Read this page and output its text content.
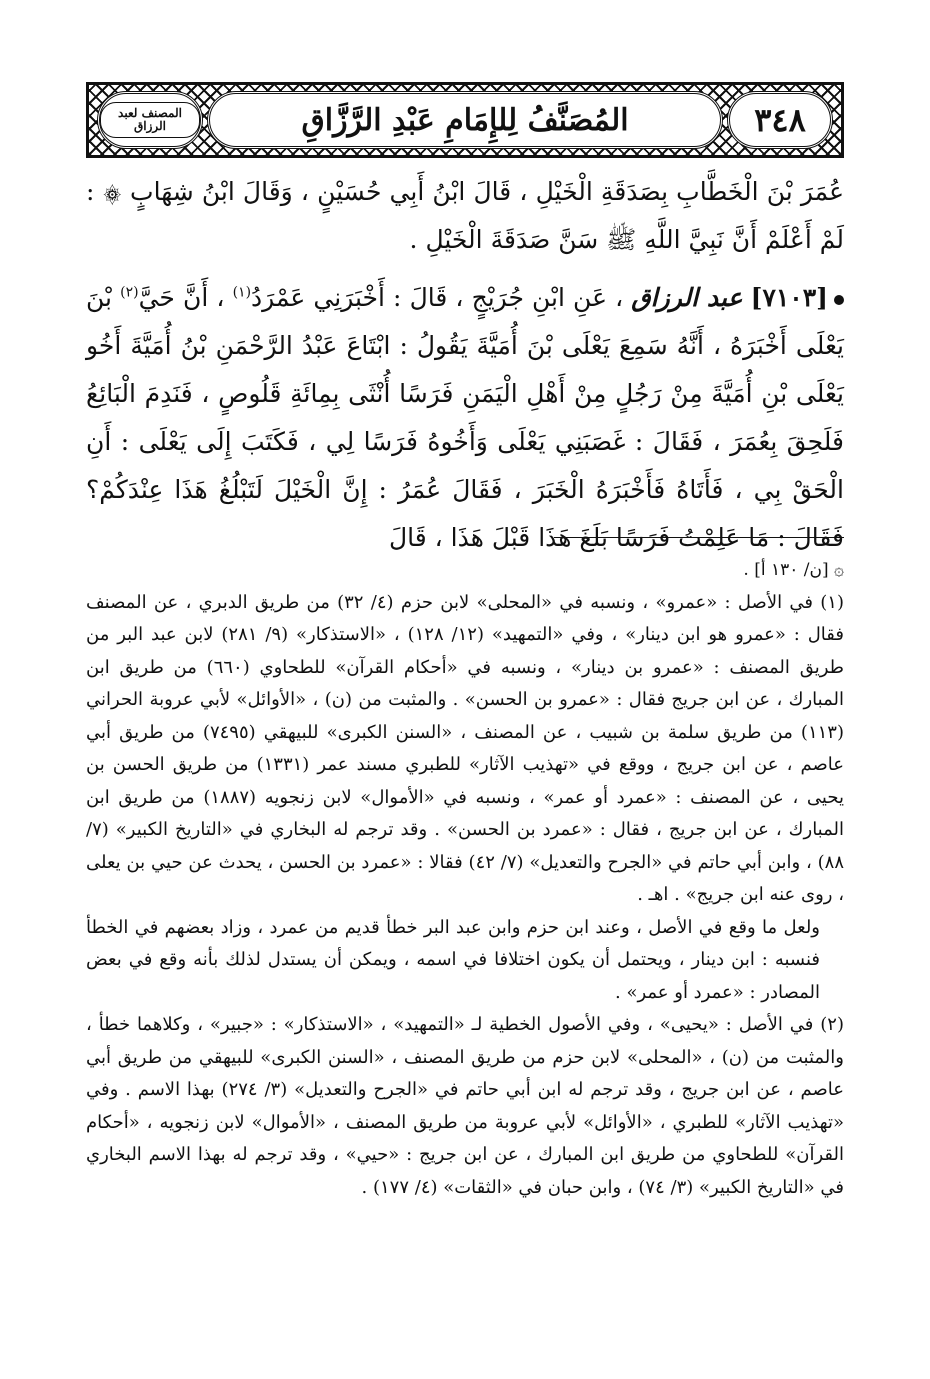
٣٤٨
المُصَنَّفُ لِلإِمَامِ عَبْدِ الرَّزَّاقِ
المصنف لعبد الرزاق

عُمَرَ بْنَ الْخَطَّابِ بِصَدَقَةِ الْخَيْلِ ، قَالَ ابْنُ أَبِي حُسَيْنٍ ، وَقَالَ ابْنُ شِهَابٍ ۞ : لَمْ أَعْلَمْ أَنَّ نَبِيَّ اللَّهِ ﷺ سَنَّ صَدَقَةَ الْخَيْلِ .

[٧١٠٣] عبد الرزاق ، عَنِ ابْنِ جُرَيْجٍ ، قَالَ : أَخْبَرَنِي عَمْرَدُ$^{(١)}$ ، أَنَّ حَيَّ$^{(٢)}$ بْنَ يَعْلَى أَخْبَرَهُ ، أَنَّهُ سَمِعَ يَعْلَى بْنَ أُمَيَّةَ يَقُولُ : ابْتَاعَ عَبْدُ الرَّحْمَنِ بْنُ أُمَيَّةَ أَخُو يَعْلَى بْنِ أُمَيَّةَ مِنْ رَجُلٍ مِنْ أَهْلِ الْيَمَنِ فَرَسًا أُنْثَى بِمِائَةِ قَلُوصٍ ، فَنَدِمَ الْبَائِعُ فَلَحِقَ بِعُمَرَ ، فَقَالَ : غَصَبَنِي يَعْلَى وَأَخُوهُ فَرَسًا لِي ، فَكَتَبَ إِلَى يَعْلَى : أَنِ الْحَقْ بِي ، فَأَتَاهُ فَأَخْبَرَهُ الْخَبَرَ ، فَقَالَ عُمَرُ : إِنَّ الْخَيْلَ لَتَبْلُغُ هَذَا عِنْدَكُمْ؟ فَقَالَ : مَا عَلِمْتُ فَرَسًا بَلَغَ هَذَا قَبْلَ هَذَا ، قَالَ

۞ [ن/ ١٣٠ أ] .

(١) في الأصل : «عمرو» ، ونسبه في «المحلى» لابن حزم (٤/ ٣٢) من طريق الدبري ، عن المصنف فقال : «عمرو هو ابن دينار» ، وفي «التمهيد» (١٢/ ١٢٨) ، «الاستذكار» (٩/ ٢٨١) لابن عبد البر من طريق المصنف : «عمرو بن دينار» ، ونسبه في «أحكام القرآن» للطحاوي (٦٦٠) من طريق ابن المبارك ، عن ابن جريج فقال : «عمرو بن الحسن» . والمثبت من (ن) ، «الأوائل» لأبي عروبة الحراني (١١٣) من طريق سلمة بن شبيب ، عن المصنف ، «السنن الكبرى» للبيهقي (٧٤٩٥) من طريق أبي عاصم ، عن ابن جريج ، ووقع في «تهذيب الآثار» للطبري مسند عمر (١٣٣١) من طريق الحسن بن يحيى ، عن المصنف : «عمرد أو عمر» ، ونسبه في «الأموال» لابن زنجويه (١٨٨٧) من طريق ابن المبارك ، عن ابن جريج ، فقال : «عمرد بن الحسن» . وقد ترجم له البخاري في «التاريخ الكبير» (٧/ ٨٨) ، وابن أبي حاتم في «الجرح والتعديل» (٧/ ٤٢) فقالا : «عمرد بن الحسن ، يحدث عن حيي بن يعلى ، روى عنه ابن جريج» . اهـ .

ولعل ما وقع في الأصل ، وعند ابن حزم وابن عبد البر خطأ قديم من عمرد ، وزاد بعضهم في الخطأ فنسبه : ابن دينار ، ويحتمل أن يكون اختلافا في اسمه ، ويمكن أن يستدل لذلك بأنه وقع في بعض المصادر : «عمرد أو عمر» .

(٢) في الأصل : «يحيى» ، وفي الأصول الخطية لـ «التمهيد» ، «الاستذكار» : «جبير» ، وكلاهما خطأ ، والمثبت من (ن) ، «المحلى» لابن حزم من طريق المصنف ، «السنن الكبرى» للبيهقي من طريق أبي عاصم ، عن ابن جريج ، وقد ترجم له ابن أبي حاتم في «الجرح والتعديل» (٣/ ٢٧٤) بهذا الاسم . وفي «تهذيب الآثار» للطبري ، «الأوائل» لأبي عروبة من طريق المصنف ، «الأموال» لابن زنجويه ، «أحكام القرآن» للطحاوي من طريق ابن المبارك ، عن ابن جريج : «حيي» ، وقد ترجم له بهذا الاسم البخاري في «التاريخ الكبير» (٣/ ٧٤) ، وابن حبان في «الثقات» (٤/ ١٧٧) .
